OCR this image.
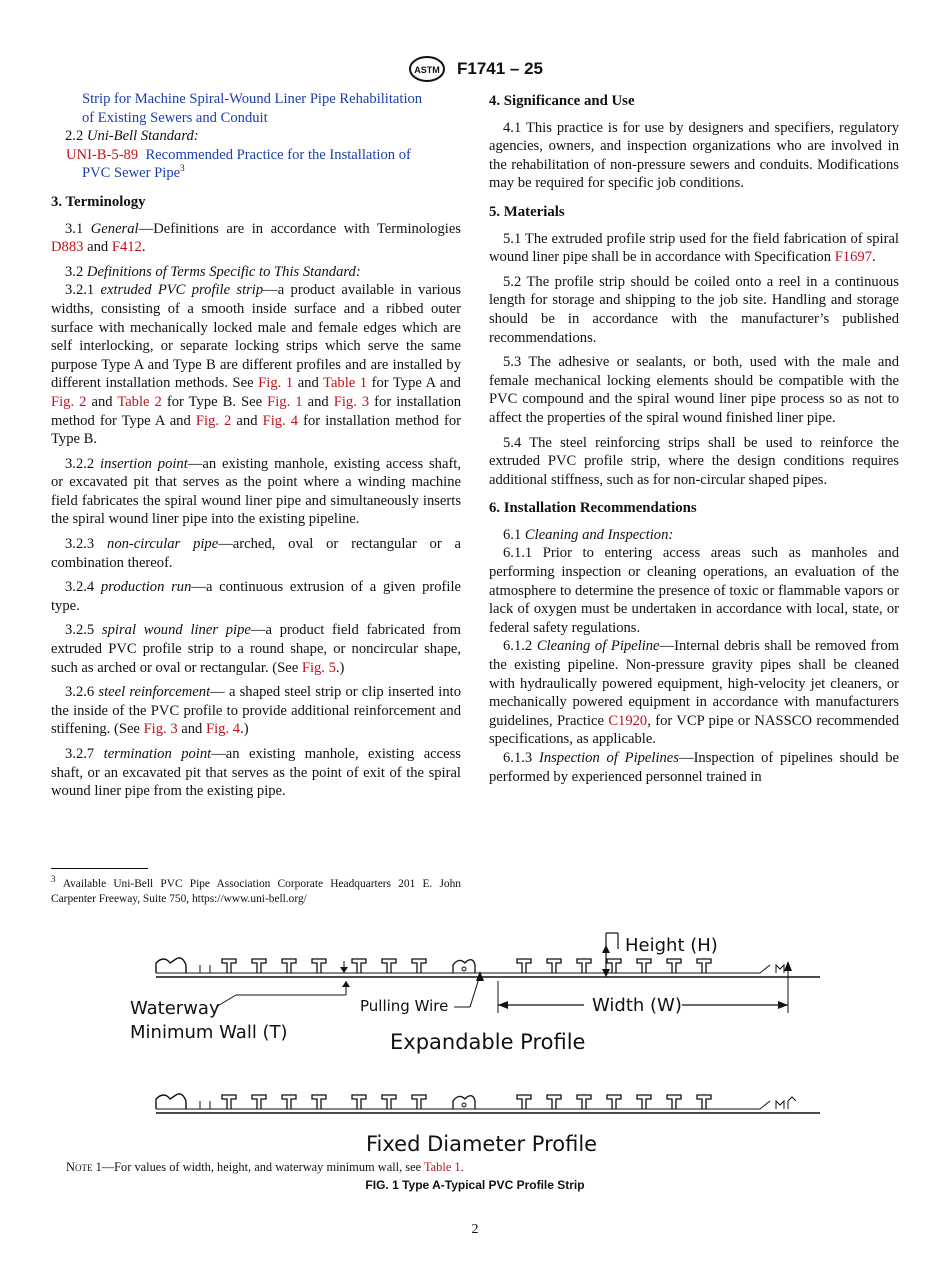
ASTM F1741 – 25

Strip for Machine Spiral-Wound Liner Pipe Rehabilitation
of Existing Sewers and Conduit

2.2 Uni-Bell Standard:

UNI-B-5-89 Recommended Practice for the Installation of
PVC Sewer Pipe$^3$

3. Terminology

3.1 General—Definitions are in accordance with Terminologies D883 and F412.

3.2 Definitions of Terms Specific to This Standard:

3.2.1 extruded PVC profile strip—a product available in various widths, consisting of a smooth inside surface and a ribbed outer surface with mechanically locked male and female edges which are self interlocking, or separate locking strips which serve the same purpose Type A and Type B are different profiles and are installed by different installation methods. See Fig. 1 and Table 1 for Type A and Fig. 2 and Table 2 for Type B. See Fig. 1 and Fig. 3 for installation method for Type A and Fig. 2 and Fig. 4 for installation method for Type B.

3.2.2 insertion point—an existing manhole, existing access shaft, or excavated pit that serves as the point where a winding machine field fabricates the spiral wound liner pipe and simultaneously inserts the spiral wound liner pipe into the existing pipeline.

3.2.3 non-circular pipe—arched, oval or rectangular or a combination thereof.

3.2.4 production run—a continuous extrusion of a given profile type.

3.2.5 spiral wound liner pipe—a product field fabricated from extruded PVC profile strip to a round shape, or noncircular shape, such as arched or oval or rectangular. (See Fig. 5.)

3.2.6 steel reinforcement— a shaped steel strip or clip inserted into the inside of the PVC profile to provide additional reinforcement and stiffening. (See Fig. 3 and Fig. 4.)

3.2.7 termination point—an existing manhole, existing access shaft, or an excavated pit that serves as the point of exit of the spiral wound liner pipe from the existing pipe.

$^3$ Available Uni-Bell PVC Pipe Association Corporate Headquarters 201 E. John Carpenter Freeway, Suite 750, https://www.uni-bell.org/
4. Significance and Use

4.1 This practice is for use by designers and specifiers, regulatory agencies, owners, and inspection organizations who are involved in the rehabilitation of non-pressure sewers and conduits. Modifications may be required for specific job conditions.

5. Materials

5.1 The extruded profile strip used for the field fabrication of spiral wound liner pipe shall be in accordance with Specification F1697.

5.2 The profile strip should be coiled onto a reel in a continuous length for storage and shipping to the job site. Handling and storage should be in accordance with the manufacturer’s published recommendations.

5.3 The adhesive or sealants, or both, used with the male and female mechanical locking elements should be compatible with the PVC compound and the spiral wound liner pipe process so as not to affect the properties of the spiral wound finished liner pipe.

5.4 The steel reinforcing strips shall be used to reinforce the extruded PVC profile strip, where the design conditions requires additional stiffness, such as for non-circular shaped pipes.

6. Installation Recommendations

6.1 Cleaning and Inspection:

6.1.1 Prior to entering access areas such as manholes and performing inspection or cleaning operations, an evaluation of the atmosphere to determine the presence of toxic or flammable vapors or lack of oxygen must be undertaken in accordance with local, state, or federal safety regulations.

6.1.2 Cleaning of Pipeline—Internal debris shall be removed from the existing pipeline. Non-pressure gravity pipes shall be cleaned with hydraulically powered equipment, high-velocity jet cleaners, or mechanically powered equipment in accordance with manufacturers guidelines, Practice C1920, for VCP pipe or NASSCO recommended specifications, as applicable.

6.1.3 Inspection of Pipelines—Inspection of pipelines should be performed by experienced personnel trained in

Height (H)
Width (W)
Pulling Wire
Waterway
Minimum Wall (T)	Expandable Profile
Fixed Diameter Profile
Note 1—For values of width, height, and waterway minimum wall, see Table 1.
FIG. 1 Type A-Typical PVC Profile Strip
2
